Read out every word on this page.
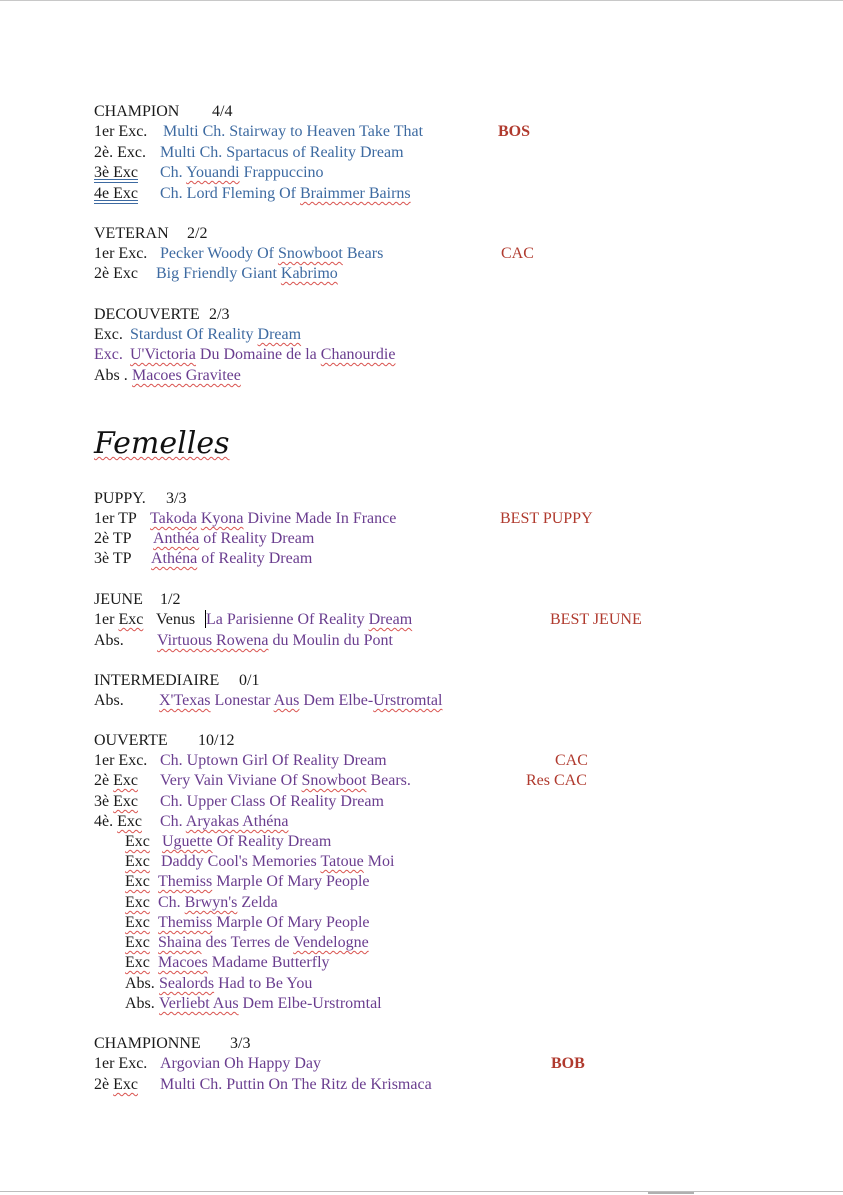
CHAMPION 4/4
1er Exc. Multi Ch. Stairway to Heaven Take That	BOS
2è. Exc. Multi Ch. Spartacus of Reality Dream
3è Exc Ch. Youandi Frappuccino
4e Exc Ch. Lord Fleming Of Braimmer Bairns
VETERAN 2/2
1er Exc. Pecker Woody Of Snowboot Bears	CAC
2è Exc Big Friendly Giant Kabrimo
DECOUVERTE 2/3
Exc. Stardust Of Reality Dream
Exc. U'Victoria Du Domaine de la Chanourdie
Abs . Macoes Gravitee
Femelles
PUPPY. 3/3
1er TP Takoda Kyona Divine Made In France	BEST PUPPY
2è TP Anthéa of Reality Dream
3è TP Athéna of Reality Dream
JEUNE 1/2
1er Exc Venus La Parisienne Of Reality Dream	BEST JEUNE
Abs. Virtuous Rowena du Moulin du Pont
INTERMEDIAIRE 0/1
Abs. X'Texas Lonestar Aus Dem Elbe-Urstromtal
OUVERTE 10/12
1er Exc. Ch. Uptown Girl Of Reality Dream	CAC
2è Exc Very Vain Viviane Of Snowboot Bears.	Res CAC
3è Exc Ch. Upper Class Of Reality Dream
4è. Exc Ch. Aryakas Athéna
Exc Uguette Of Reality Dream
Exc Daddy Cool's Memories Tatoue Moi
Exc Themiss Marple Of Mary People
Exc Ch. Brwyn's Zelda
Exc Themiss Marple Of Mary People
Exc Shaina des Terres de Vendelogne
Exc Macoes Madame Butterfly
Abs. Sealords Had to Be You
Abs. Verliebt Aus Dem Elbe-Urstromtal
CHAMPIONNE 3/3
1er Exc. Argovian Oh Happy Day	BOB
2è Exc Multi Ch. Puttin On The Ritz de Krismaca
